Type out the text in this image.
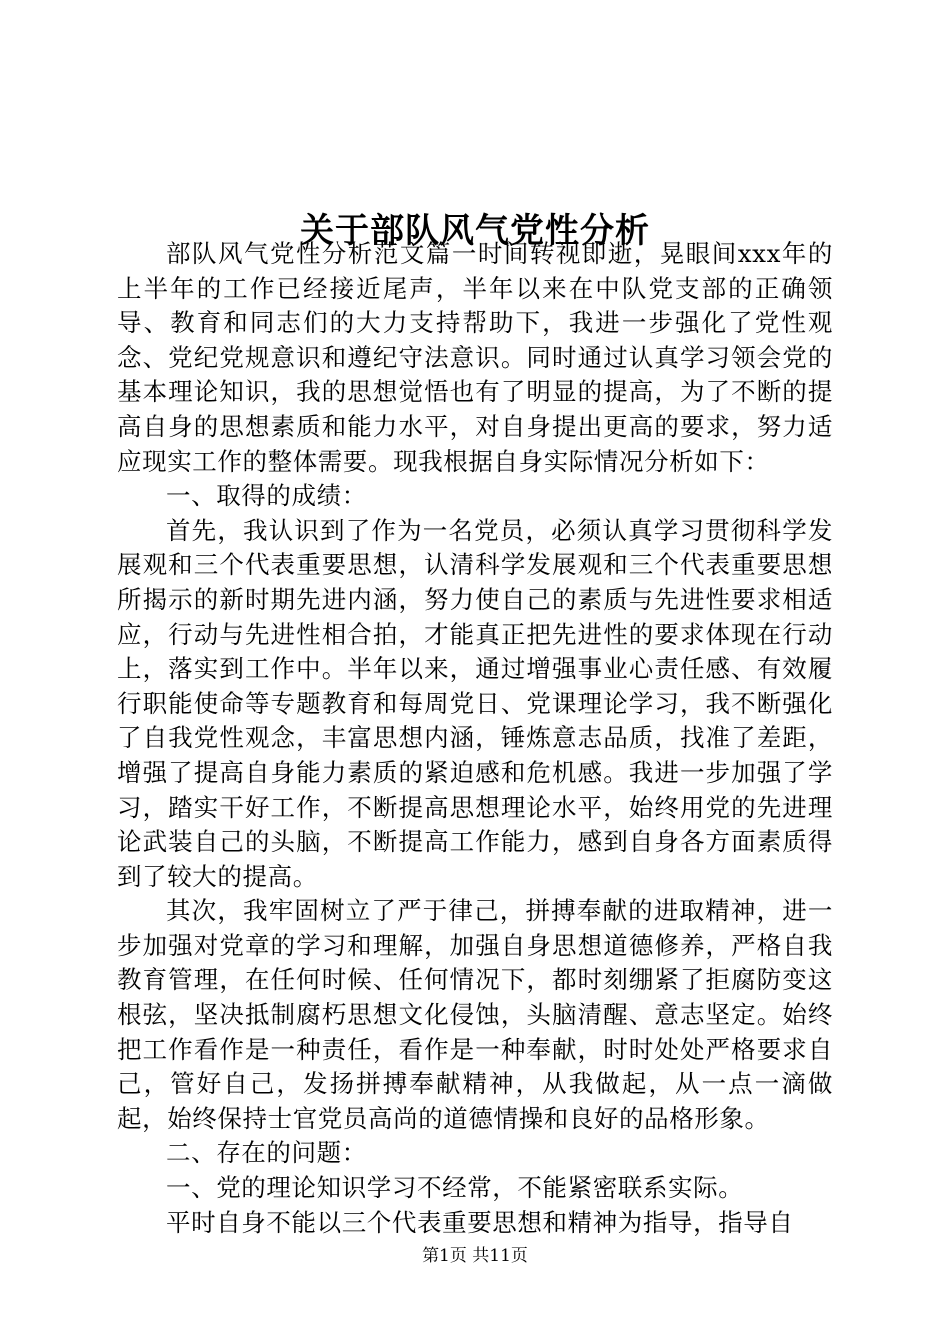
关于部队风气党性分析

部队风气党性分析范文篇一时间转视即逝，晃眼间xxx年的上半年的工作已经接近尾声，半年以来在中队党支部的正确领导、教育和同志们的大力支持帮助下，我进一步强化了党性观念、党纪党规意识和遵纪守法意识。同时通过认真学习领会党的基本理论知识，我的思想觉悟也有了明显的提高，为了不断的提高自身的思想素质和能力水平，对自身提出更高的要求，努力适应现实工作的整体需要。现我根据自身实际情况分析如下：

一、取得的成绩：

首先，我认识到了作为一名党员，必须认真学习贯彻科学发展观和三个代表重要思想，认清科学发展观和三个代表重要思想所揭示的新时期先进内涵，努力使自己的素质与先进性要求相适应，行动与先进性相合拍，才能真正把先进性的要求体现在行动上，落实到工作中。半年以来，通过增强事业心责任感、有效履行职能使命等专题教育和每周党日、党课理论学习，我不断强化了自我党性观念，丰富思想内涵，锤炼意志品质，找准了差距，增强了提高自身能力素质的紧迫感和危机感。我进一步加强了学习，踏实干好工作，不断提高思想理论水平，始终用党的先进理论武装自己的头脑，不断提高工作能力，感到自身各方面素质得到了较大的提高。

其次，我牢固树立了严于律己，拼搏奉献的进取精神，进一步加强对党章的学习和理解，加强自身思想道德修养，严格自我教育管理，在任何时候、任何情况下，都时刻绷紧了拒腐防变这根弦，坚决抵制腐朽思想文化侵蚀，头脑清醒、意志坚定。始终把工作看作是一种责任，看作是一种奉献，时时处处严格要求自己，管好自己，发扬拼搏奉献精神，从我做起，从一点一滴做起，始终保持士官党员高尚的道德情操和良好的品格形象。

二、存在的问题：

一、党的理论知识学习不经常，不能紧密联系实际。

平时自身不能以三个代表重要思想和精神为指导，指导自

第1页 共11页
